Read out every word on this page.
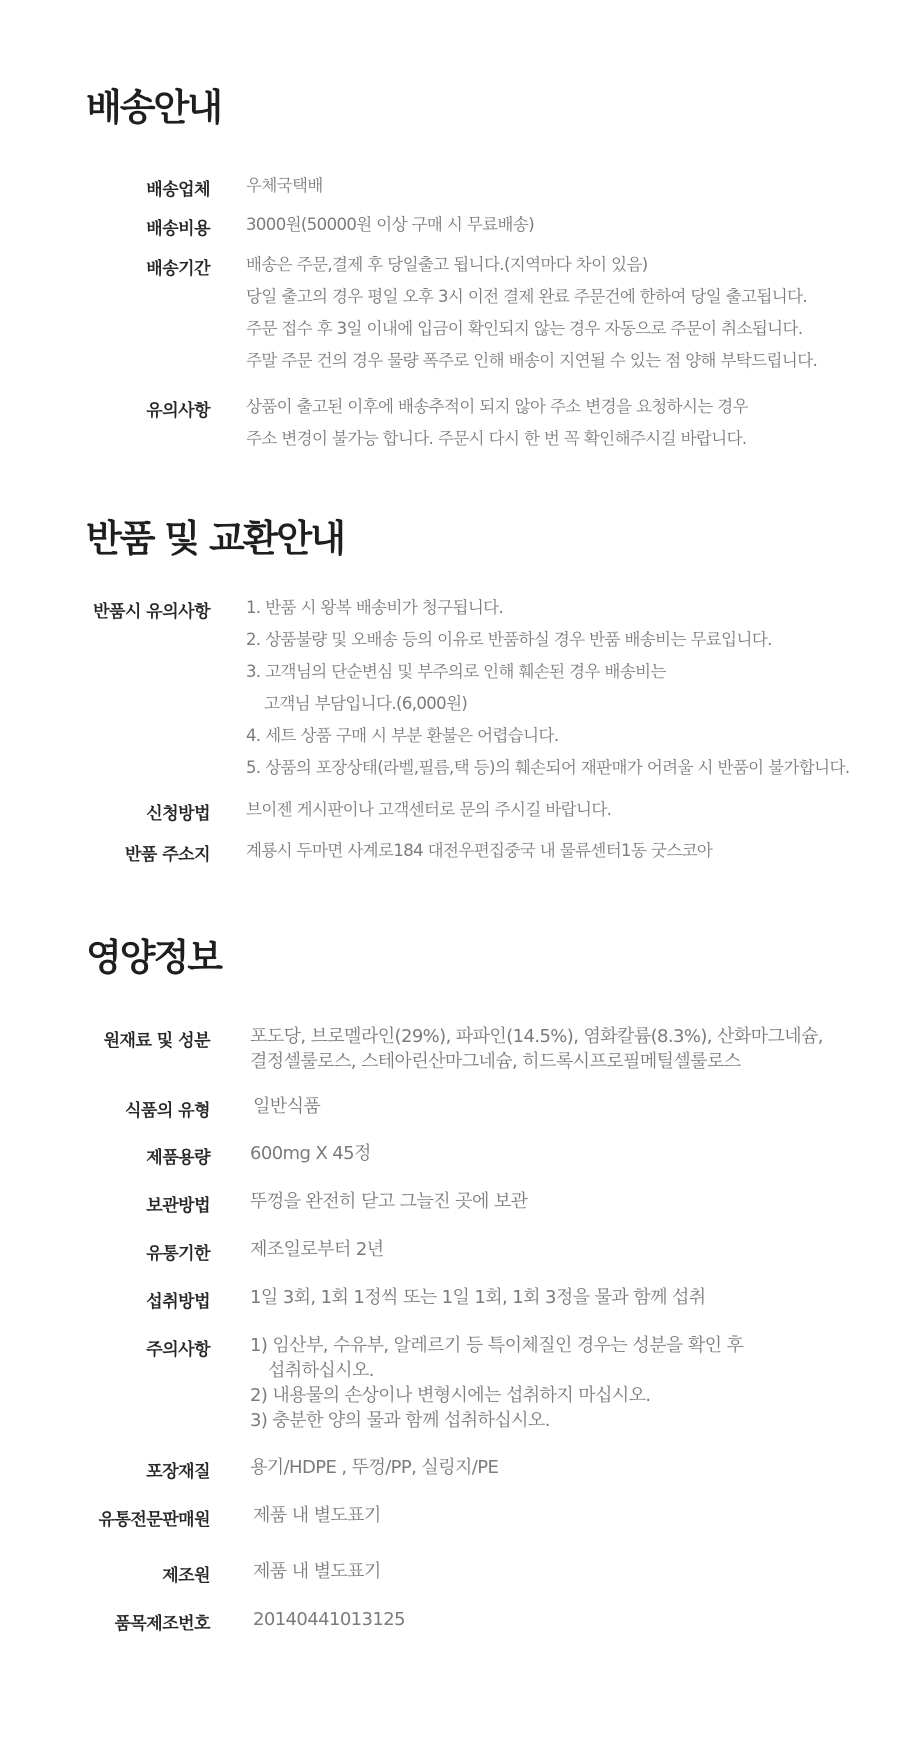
배송안내
배송업체 우체국택배
배송비용 3000원(50000원 이상 구매 시 무료배송)
배송기간 배송은 주문,결제 후 당일출고 됩니다.(지역마다 차이 있음)
당일 출고의 경우 평일 오후 3시 이전 결제 완료 주문건에 한하여 당일 출고됩니다.
주문 접수 후 3일 이내에 입금이 확인되지 않는 경우 자동으로 주문이 취소됩니다.
주말 주문 건의 경우 물량 폭주로 인해 배송이 지연될 수 있는 점 양해 부탁드립니다.
유의사항 상품이 출고된 이후에 배송추적이 되지 않아 주소 변경을 요청하시는 경우
주소 변경이 불가능 합니다. 주문시 다시 한 번 꼭 확인해주시길 바랍니다.
반품 및 교환안내
반품시 유의사항 1. 반품 시 왕복 배송비가 청구됩니다.
2. 상품불량 및 오배송 등의 이유로 반품하실 경우 반품 배송비는 무료입니다.
3. 고객님의 단순변심 및 부주의로 인해 훼손된 경우 배송비는
고객님 부담입니다.(6,000원)
4. 세트 상품 구매 시 부분 환불은 어렵습니다.
5. 상품의 포장상태(라벨,필름,택 등)의 훼손되어 재판매가 어려울 시 반품이 불가합니다.
신청방법 브이젠 게시판이나 고객센터로 문의 주시길 바랍니다.
반품 주소지 계룡시 두마면 사계로184 대전우편집중국 내 물류센터1동 굿스코아
영양정보
원재료 및 성분 포도당, 브로멜라인(29%), 파파인(14.5%), 염화칼륨(8.3%), 산화마그네슘,
결정셀룰로스, 스테아린산마그네슘, 히드록시프로필메틸셀룰로스
식품의 유형 일반식품
제품용량 600mg X 45정
보관방법 뚜껑을 완전히 닫고 그늘진 곳에 보관
유통기한 제조일로부터 2년
섭취방법 1일 3회, 1회 1정씩 또는 1일 1회, 1회 3정을 물과 함께 섭취
주의사항 1) 임산부, 수유부, 알레르기 등 특이체질인 경우는 성분을 확인 후
섭취하십시오.
2) 내용물의 손상이나 변형시에는 섭취하지 마십시오.
3) 충분한 양의 물과 함께 섭취하십시오.
포장재질 용기/HDPE , 뚜껑/PP, 실링지/PE
유통전문판매원 제품 내 별도표기
제조원 제품 내 별도표기
품목제조번호 20140441013125
